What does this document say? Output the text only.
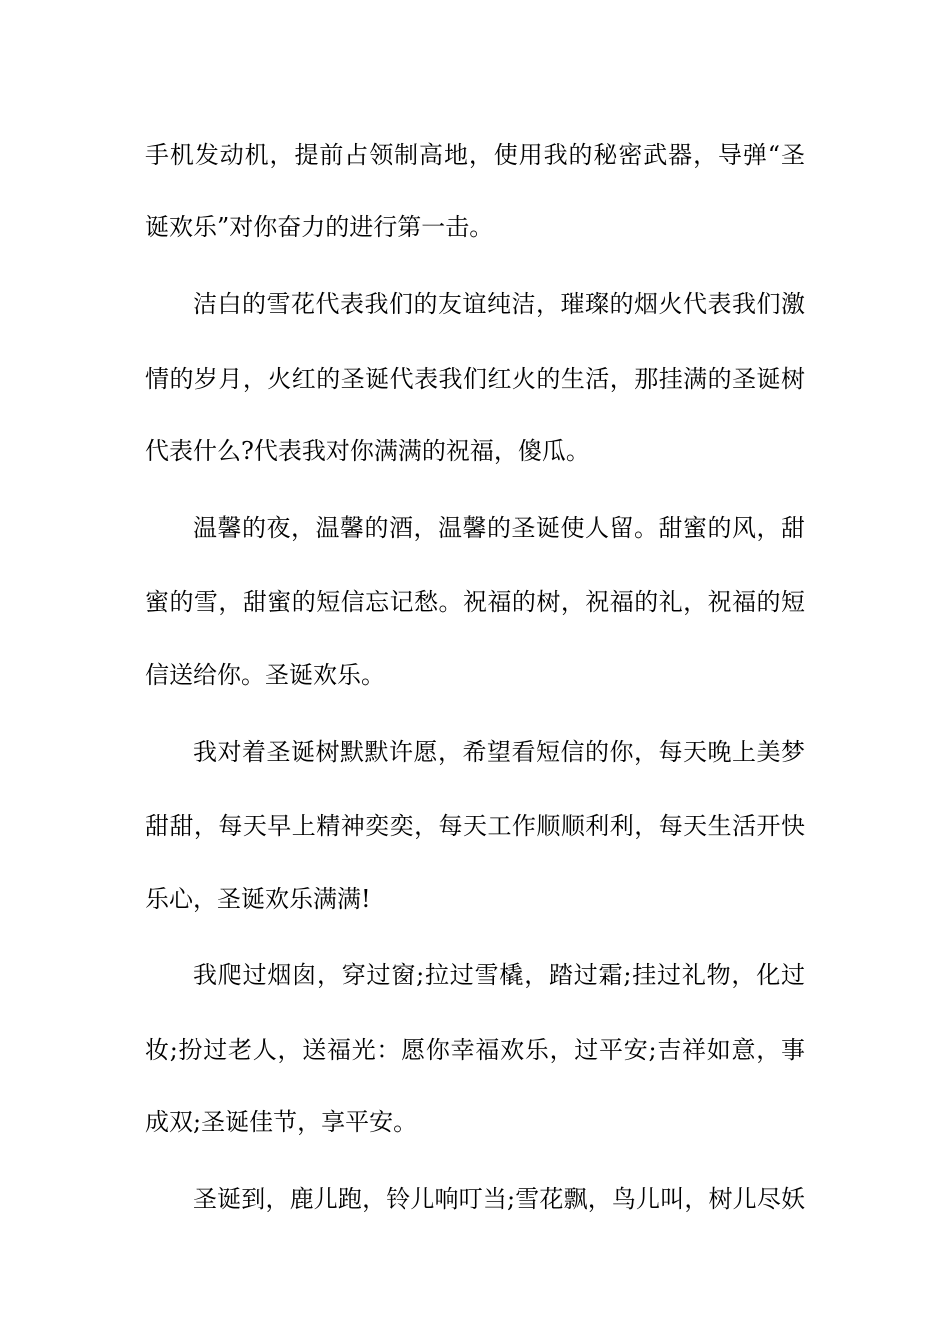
手机发动机，提前占领制高地，使用我的秘密武器，导弹“圣
诞欢乐”对你奋力的进行第一击。
洁白的雪花代表我们的友谊纯洁，璀璨的烟火代表我们激
情的岁月，火红的圣诞代表我们红火的生活，那挂满的圣诞树
代表什么?代表我对你满满的祝福，傻瓜。
温馨的夜，温馨的酒，温馨的圣诞使人留。甜蜜的风，甜
蜜的雪，甜蜜的短信忘记愁。祝福的树，祝福的礼，祝福的短
信送给你。圣诞欢乐。
我对着圣诞树默默许愿，希望看短信的你，每天晚上美梦
甜甜，每天早上精神奕奕，每天工作顺顺利利，每天生活开快
乐心，圣诞欢乐满满!
我爬过烟囱，穿过窗;拉过雪橇，踏过霜;挂过礼物，化过
妆;扮过老人，送福光：愿你幸福欢乐，过平安;吉祥如意，事
成双;圣诞佳节，享平安。
圣诞到，鹿儿跑，铃儿响叮当;雪花飘，鸟儿叫，树儿尽妖
